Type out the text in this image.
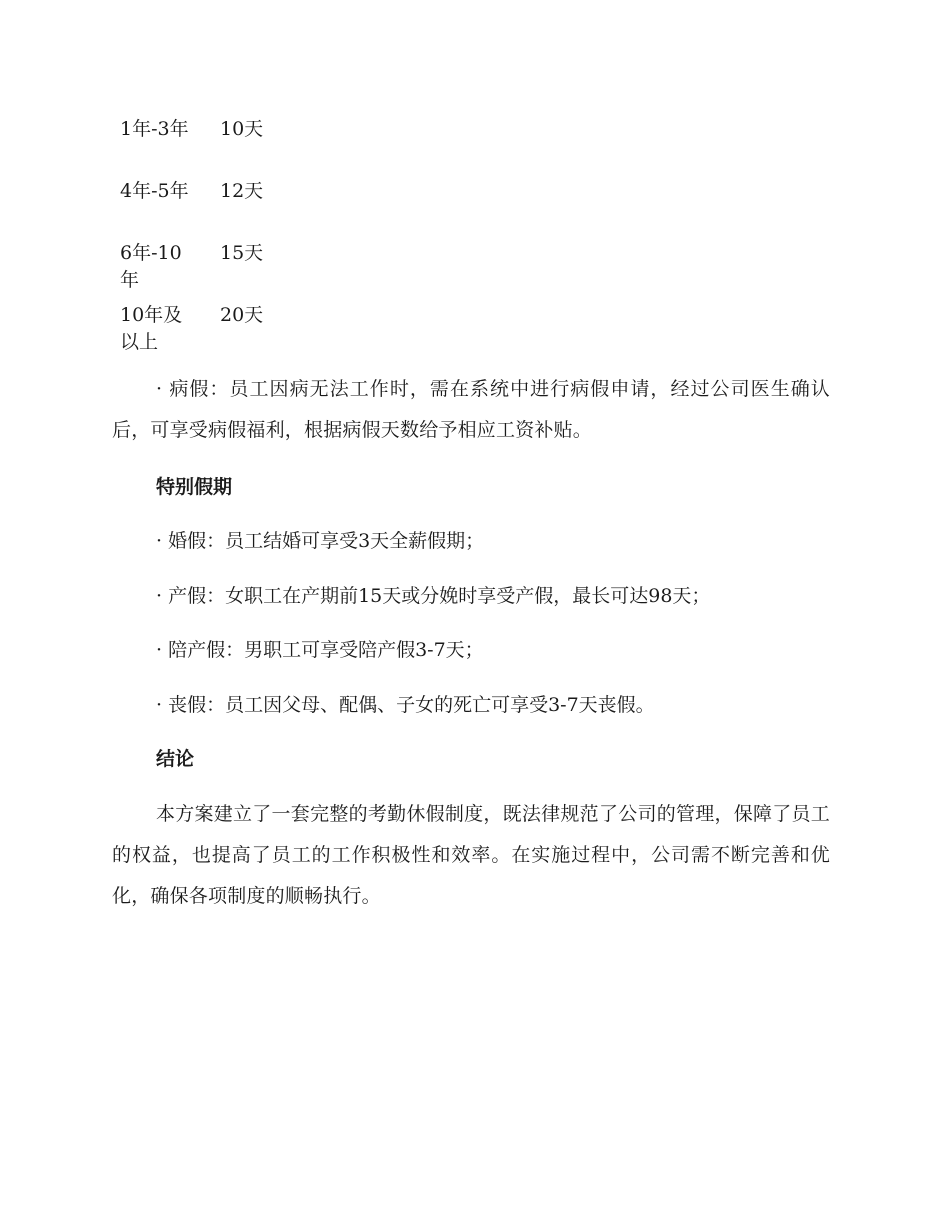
1年-3年	10天
4年-5年	12天
6年-10年	15天
10年及以上	20天

· 病假：员工因病无法工作时，需在系统中进行病假申请，经过公司医生确认后，可享受病假福利，根据病假天数给予相应工资补贴。

特别假期

· 婚假：员工结婚可享受3天全薪假期；

· 产假：女职工在产期前15天或分娩时享受产假，最长可达98天；

· 陪产假：男职工可享受陪产假3-7天；

· 丧假：员工因父母、配偶、子女的死亡可享受3-7天丧假。

结论

本方案建立了一套完整的考勤休假制度，既法律规范了公司的管理，保障了员工的权益，也提高了员工的工作积极性和效率。在实施过程中，公司需不断完善和优化，确保各项制度的顺畅执行。
